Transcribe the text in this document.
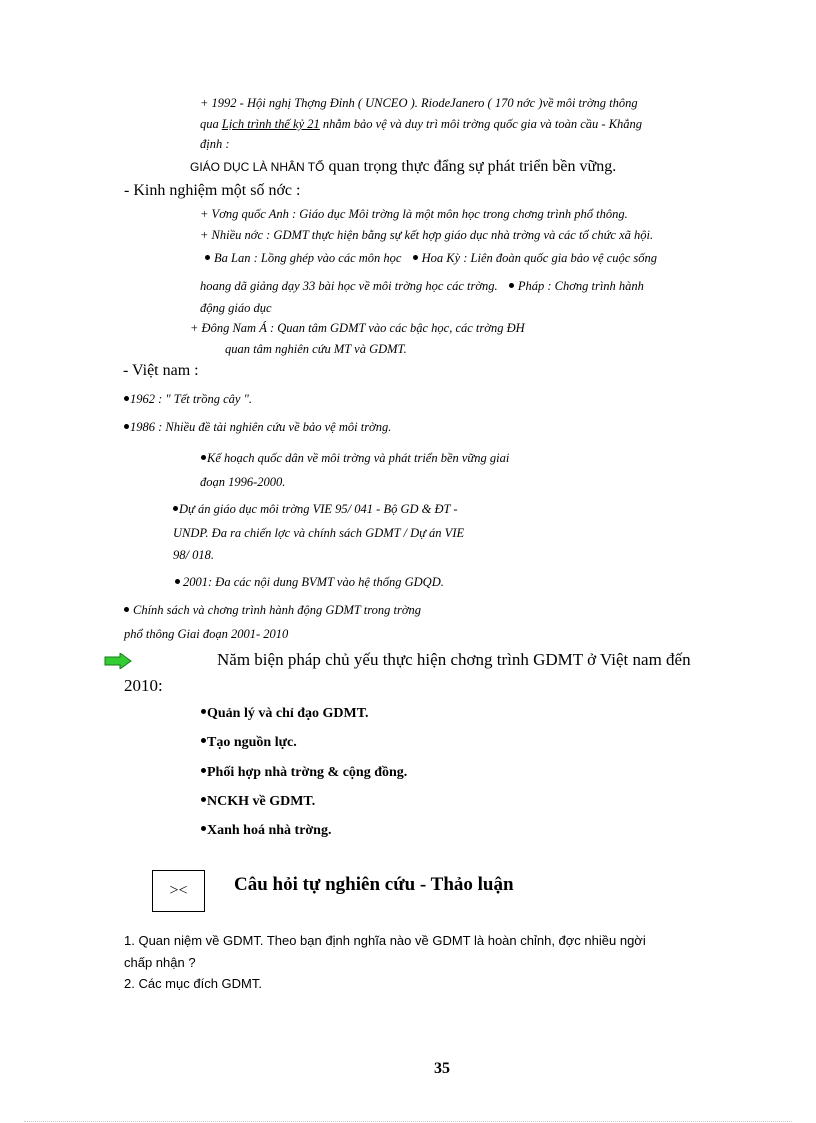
+ 1992 - Hội nghị Thợng Đỉnh ( UNCEO ). RiodeJanero ( 170 nớc )về môi trờng thông
qua Lịch trình thế kỷ 21 nhằm bảo vệ và duy trì môi trờng quốc gia và toàn cầu - Khẳng
định :
GIÁO DỤC LÀ NHÂN TỐ quan trọng thực đẩng sự phát triển bền vững.
- Kinh nghiệm một số nớc :
+ Vơng quốc Anh : Giáo dục Môi trờng là một môn học trong chơng trình phổ thông.
+ Nhiều nớc : GDMT thực hiện bằng sự kết hợp giáo dục nhà trờng và các tổ chức xã hội.
Ba Lan : Lồng ghép vào các môn học Hoa Kỳ : Liên đoàn quốc gia bảo vệ cuộc sống
hoang dã giảng dạy 33 bài học về môi trờng học các trờng. Pháp : Chơng trình hành
động giáo dục
+ Đông Nam Á : Quan tâm GDMT vào các bậc học, các trờng ĐH
quan tâm nghiên cứu MT và GDMT.
- Việt nam :
1962 : " Tết trồng cây ".
1986 : Nhiều đề tài nghiên cứu về bảo vệ môi trờng.
Kế hoạch quốc dân về môi trờng và phát triển bền vững giai
đoạn 1996-2000.
Dự án giáo dục môi trờng VIE 95/ 041 - Bộ GD & ĐT -
UNDP. Đa ra chiến lợc và chính sách GDMT / Dự án VIE
98/ 018.
2001: Đa các nội dung BVMT vào hệ thống GDQD.
Chính sách và chơng trình hành động GDMT trong trờng
phổ thông Giai đoạn 2001- 2010
Năm biện pháp chủ yếu thực hiện chơng trình GDMT ở Việt nam đến
2010:
Quản lý và chỉ đạo GDMT.
Tạo nguồn lực.
Phối hợp nhà trờng & cộng đồng.
NCKH về GDMT.
Xanh hoá nhà trờng.
><	Câu hỏi tự nghiên cứu - Thảo luận
1. Quan niệm về GDMT. Theo bạn định nghĩa nào về GDMT là hoàn chỉnh, đợc nhiều ngời
chấp nhận ?
2. Các mục đích GDMT.
35
